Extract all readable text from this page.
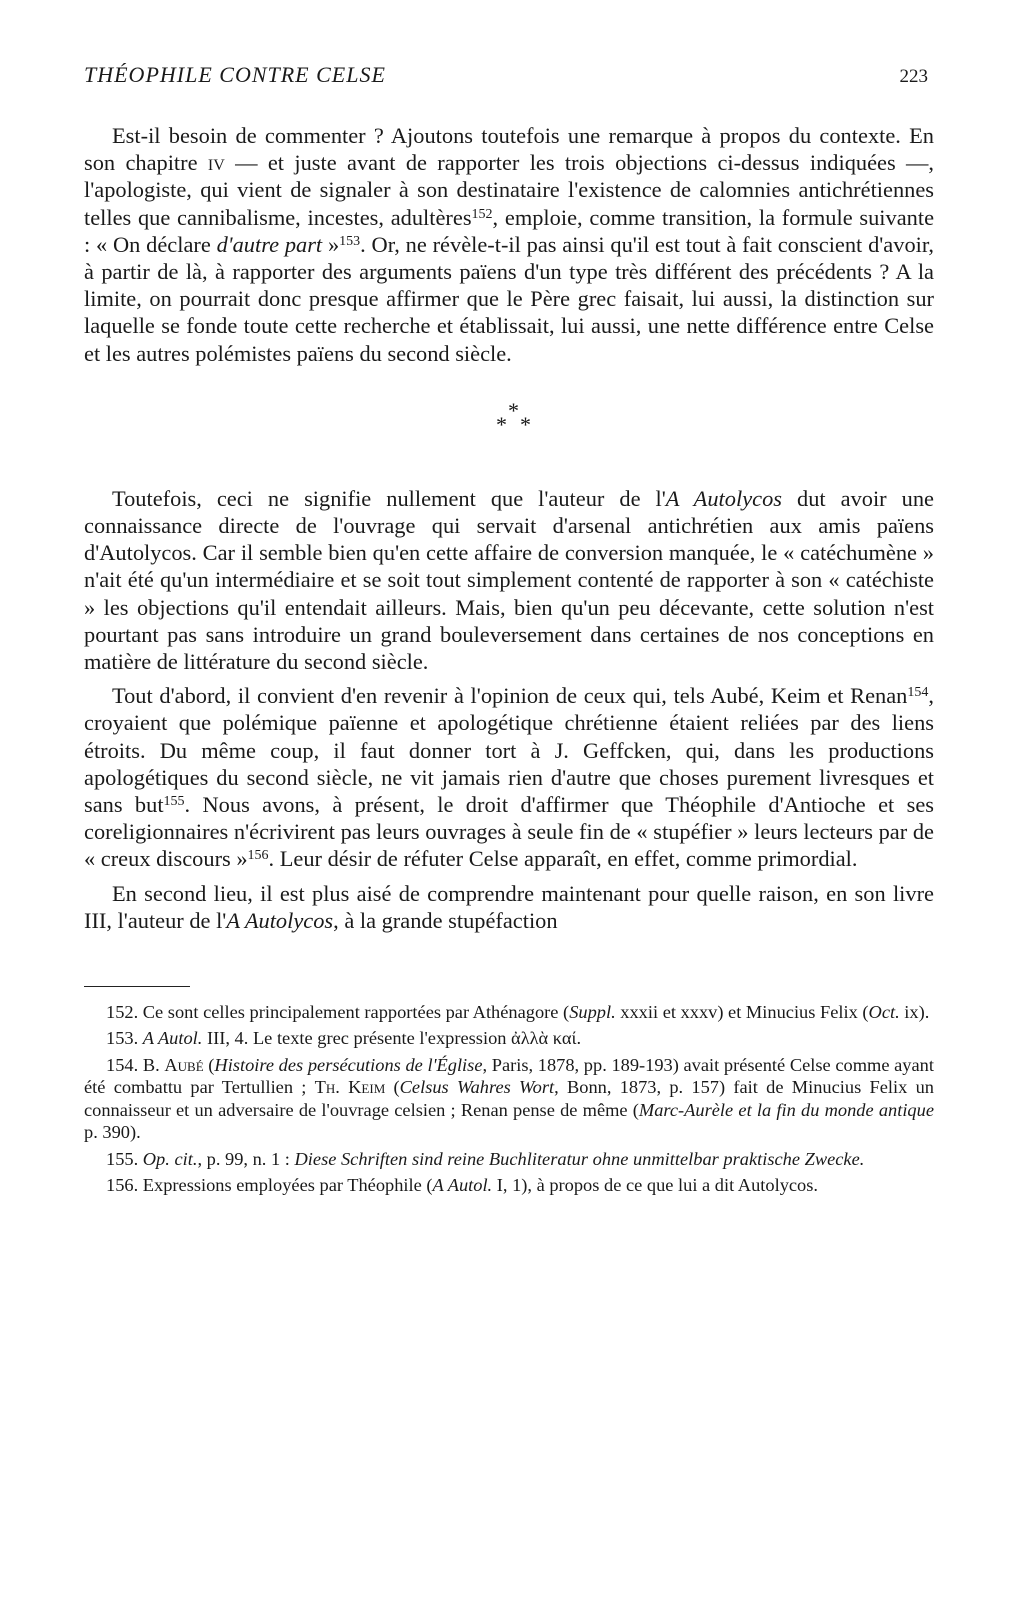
THÉOPHILE CONTRE CELSE	223

Est-il besoin de commenter ? Ajoutons toutefois une remarque à propos du contexte. En son chapitre iv — et juste avant de rapporter les trois objections ci-dessus indiquées —, l'apologiste, qui vient de signaler à son destinataire l'existence de calomnies antichrétiennes telles que cannibalisme, incestes, adultères$^{152}$, emploie, comme transition, la formule suivante : « On déclare d'autre part »$^{153}$. Or, ne révèle-t-il pas ainsi qu'il est tout à fait conscient d'avoir, à partir de là, à rapporter des arguments païens d'un type très différent des précédents ? A la limite, on pourrait donc presque affirmer que le Père grec faisait, lui aussi, la distinction sur laquelle se fonde toute cette recherche et établissait, lui aussi, une nette différence entre Celse et les autres polémistes païens du second siècle.

*
* *

Toutefois, ceci ne signifie nullement que l'auteur de l'A Autolycos dut avoir une connaissance directe de l'ouvrage qui servait d'arsenal antichrétien aux amis païens d'Autolycos. Car il semble bien qu'en cette affaire de conversion manquée, le « catéchumène » n'ait été qu'un intermédiaire et se soit tout simplement contenté de rapporter à son « catéchiste » les objections qu'il entendait ailleurs. Mais, bien qu'un peu décevante, cette solution n'est pourtant pas sans introduire un grand bouleversement dans certaines de nos conceptions en matière de littérature du second siècle.

Tout d'abord, il convient d'en revenir à l'opinion de ceux qui, tels Aubé, Keim et Renan$^{154}$, croyaient que polémique païenne et apologétique chrétienne étaient reliées par des liens étroits. Du même coup, il faut donner tort à J. Geffcken, qui, dans les productions apologétiques du second siècle, ne vit jamais rien d'autre que choses purement livresques et sans but$^{155}$. Nous avons, à présent, le droit d'affirmer que Théophile d'Antioche et ses coreligionnaires n'écrivirent pas leurs ouvrages à seule fin de « stupéfier » leurs lecteurs par de « creux discours »$^{156}$. Leur désir de réfuter Celse apparaît, en effet, comme primordial.

En second lieu, il est plus aisé de comprendre maintenant pour quelle raison, en son livre III, l'auteur de l'A Autolycos, à la grande stupéfaction

152. Ce sont celles principalement rapportées par Athénagore (Suppl. xxxii et xxxv) et Minucius Felix (Oct. ix).

153. A Autol. III, 4. Le texte grec présente l'expression ἀλλὰ καί.

154. B. Aubé (Histoire des persécutions de l'Église, Paris, 1878, pp. 189-193) avait présenté Celse comme ayant été combattu par Tertullien ; Th. Keim (Celsus Wahres Wort, Bonn, 1873, p. 157) fait de Minucius Felix un connaisseur et un adversaire de l'ouvrage celsien ; Renan pense de même (Marc-Aurèle et la fin du monde antique p. 390).

155. Op. cit., p. 99, n. 1 : Diese Schriften sind reine Buchliteratur ohne unmittelbar praktische Zwecke.

156. Expressions employées par Théophile (A Autol. I, 1), à propos de ce que lui a dit Autolycos.
